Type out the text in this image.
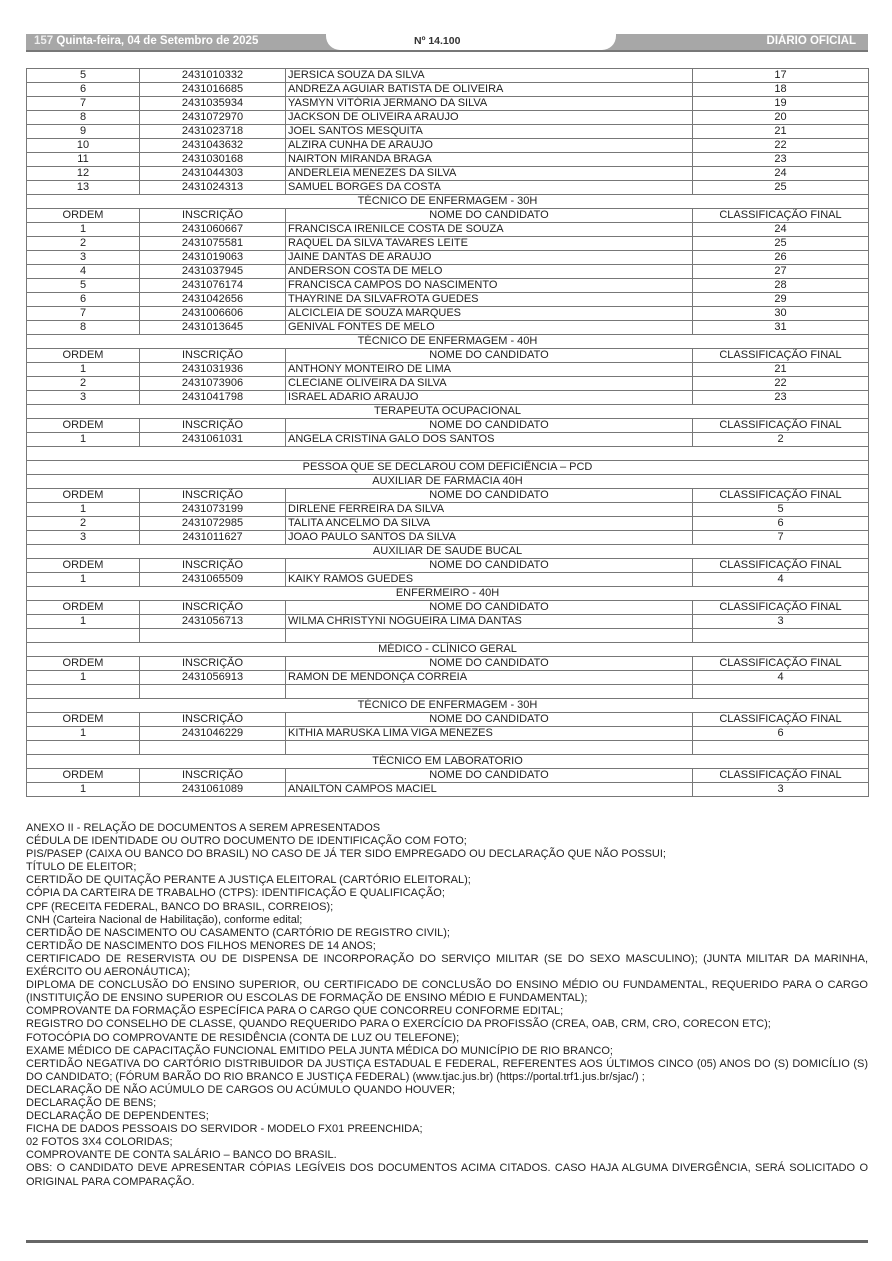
157 Quinta-feira, 04 de Setembro de 2025	Nº 14.100	DIÁRIO OFICIAL
5	2431010332	JERSICA SOUZA DA SILVA	17
6	2431016685	ANDREZA AGUIAR BATISTA DE OLIVEIRA	18
7	2431035934	YASMYN VITÓRIA JERMANO DA SILVA	19
8	2431072970	JACKSON DE OLIVEIRA ARAUJO	20
9	2431023718	JOEL SANTOS MESQUITA	21
10	2431043632	ALZIRA CUNHA DE ARAUJO	22
11	2431030168	NAIRTON MIRANDA BRAGA	23
12	2431044303	ANDERLEIA MENEZES DA SILVA	24
13	2431024313	SAMUEL BORGES DA COSTA	25
TÉCNICO DE ENFERMAGEM - 30H			
ORDEM	INSCRIÇÃO	NOME DO CANDIDATO	CLASSIFICAÇÃO FINAL
1	2431060667	FRANCISCA IRENILCE COSTA DE SOUZA	24
2	2431075581	RAQUEL DA SILVA TAVARES LEITE	25
3	2431019063	JAINE DANTAS DE ARAUJO	26
4	2431037945	ANDERSON COSTA DE MELO	27
5	2431076174	FRANCISCA CAMPOS DO NASCIMENTO	28
6	2431042656	THAYRINE DA SILVAFROTA GUEDES	29
7	2431006606	ALCICLEIA DE SOUZA MARQUES	30
8	2431013645	GENIVAL FONTES DE MELO	31
TÉCNICO DE ENFERMAGEM - 40H			
ORDEM	INSCRIÇÃO	NOME DO CANDIDATO	CLASSIFICAÇÃO FINAL
1	2431031936	ANTHONY MONTEIRO DE LIMA	21
2	2431073906	CLECIANE OLIVEIRA DA SILVA	22
3	2431041798	ISRAEL ADARIO ARAUJO	23
TERAPEUTA OCUPACIONAL			
ORDEM	INSCRIÇÃO	NOME DO CANDIDATO	CLASSIFICAÇÃO FINAL
1	2431061031	ANGELA CRISTINA GALO DOS SANTOS	2

PESSOA QUE SE DECLAROU COM DEFICIÊNCIA – PCD			
AUXILIAR DE FARMÁCIA 40H			
ORDEM	INSCRIÇÃO	NOME DO CANDIDATO	CLASSIFICAÇÃO FINAL
1	2431073199	DIRLENE FERREIRA DA SILVA	5
2	2431072985	TALITA ANCELMO DA SILVA	6
3	2431011627	JOAO PAULO SANTOS DA SILVA	7
AUXILIAR DE SAUDE BUCAL			
ORDEM	INSCRIÇÃO	NOME DO CANDIDATO	CLASSIFICAÇÃO FINAL
1	2431065509	KAIKY RAMOS GUEDES	4
ENFERMEIRO - 40H			
ORDEM	INSCRIÇÃO	NOME DO CANDIDATO	CLASSIFICAÇÃO FINAL
1	2431056713	WILMA CHRISTYNI NOGUEIRA LIMA DANTAS	3

MÉDICO - CLÍNICO GERAL			
ORDEM	INSCRIÇÃO	NOME DO CANDIDATO	CLASSIFICAÇÃO FINAL
1	2431056913	RAMON DE MENDONÇA CORREIA	4

TÉCNICO DE ENFERMAGEM - 30H			
ORDEM	INSCRIÇÃO	NOME DO CANDIDATO	CLASSIFICAÇÃO FINAL
1	2431046229	KITHIA MARUSKA LIMA VIGA MENEZES	6

TÉCNICO EM LABORATORIO			
ORDEM	INSCRIÇÃO	NOME DO CANDIDATO	CLASSIFICAÇÃO FINAL
1	2431061089	ANAILTON CAMPOS MACIEL	3

ANEXO II - RELAÇÃO DE DOCUMENTOS A SEREM APRESENTADOS

CÉDULA DE IDENTIDADE OU OUTRO DOCUMENTO DE IDENTIFICAÇÃO COM FOTO;

PIS/PASEP (CAIXA OU BANCO DO BRASIL) NO CASO DE JÁ TER SIDO EMPREGADO OU DECLARAÇÃO QUE NÃO POSSUI;

TÍTULO DE ELEITOR;

CERTIDÃO DE QUITAÇÃO PERANTE A JUSTIÇA ELEITORAL (CARTÓRIO ELEITORAL);

CÓPIA DA CARTEIRA DE TRABALHO (CTPS): IDENTIFICAÇÃO E QUALIFICAÇÃO;

CPF (RECEITA FEDERAL, BANCO DO BRASIL, CORREIOS);

CNH (Carteira Nacional de Habilitação), conforme edital;

CERTIDÃO DE NASCIMENTO OU CASAMENTO (CARTÓRIO DE REGISTRO CIVIL);

CERTIDÃO DE NASCIMENTO DOS FILHOS MENORES DE 14 ANOS;

CERTIFICADO DE RESERVISTA OU DE DISPENSA DE INCORPORAÇÃO DO SERVIÇO MILITAR (SE DO SEXO MASCULINO); (JUNTA MILITAR DA MARINHA, EXÉRCITO OU AERONÁUTICA);

DIPLOMA DE CONCLUSÃO DO ENSINO SUPERIOR, OU CERTIFICADO DE CONCLUSÃO DO ENSINO MÉDIO OU FUNDAMENTAL, REQUERIDO PARA O CARGO (INSTITUIÇÃO DE ENSINO SUPERIOR OU ESCOLAS DE FORMAÇÃO DE ENSINO MÉDIO E FUNDAMENTAL);

COMPROVANTE DA FORMAÇÃO ESPECÍFICA PARA O CARGO QUE CONCORREU CONFORME EDITAL;

REGISTRO DO CONSELHO DE CLASSE, QUANDO REQUERIDO PARA O EXERCÍCIO DA PROFISSÃO (CREA, OAB, CRM, CRO, CORECON ETC);

FOTOCÓPIA DO COMPROVANTE DE RESIDÊNCIA (CONTA DE LUZ OU TELEFONE);

EXAME MÉDICO DE CAPACITAÇÃO FUNCIONAL EMITIDO PELA JUNTA MÉDICA DO MUNICÍPIO DE RIO BRANCO;

CERTIDÃO NEGATIVA DO CARTÓRIO DISTRIBUIDOR DA JUSTIÇA ESTADUAL E FEDERAL, REFERENTES AOS ÚLTIMOS CINCO (05) ANOS DO (S) DOMICÍLIO (S) DO CANDIDATO; (FÓRUM BARÃO DO RIO BRANCO E JUSTIÇA FEDERAL) (www.tjac.jus.br) (https://portal.trf1.jus.br/sjac/) ;

DECLARAÇÃO DE NÃO ACÚMULO DE CARGOS OU ACÚMULO QUANDO HOUVER;

DECLARAÇÃO DE BENS;

DECLARAÇÃO DE DEPENDENTES;

FICHA DE DADOS PESSOAIS DO SERVIDOR - MODELO FX01 PREENCHIDA;

02 FOTOS 3X4 COLORIDAS;

COMPROVANTE DE CONTA SALÁRIO – BANCO DO BRASIL.

OBS: O CANDIDATO DEVE APRESENTAR CÓPIAS LEGÍVEIS DOS DOCUMENTOS ACIMA CITADOS. CASO HAJA ALGUMA DIVERGÊNCIA, SERÁ SOLICITADO O ORIGINAL PARA COMPARAÇÃO.
